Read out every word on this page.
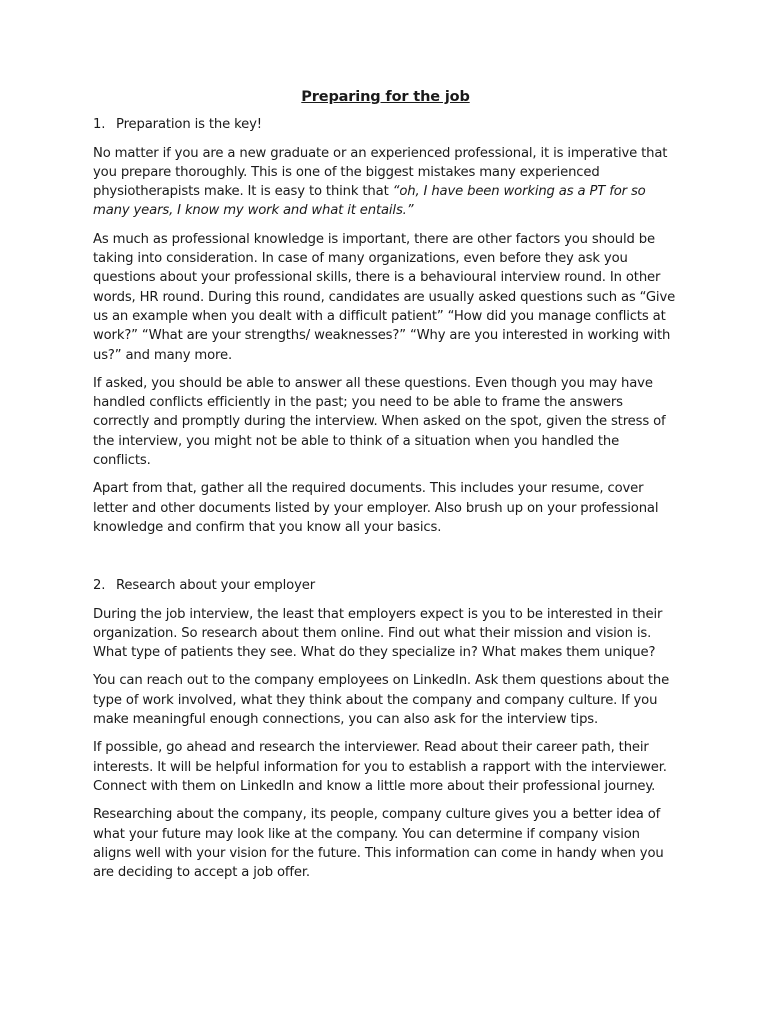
Preparing for the job
1. Preparation is the key!

No matter if you are a new graduate or an experienced professional, it is imperative that you prepare thoroughly. This is one of the biggest mistakes many experienced physiotherapists make. It is easy to think that “oh, I have been working as a PT for so many years, I know my work and what it entails.”

As much as professional knowledge is important, there are other factors you should be taking into consideration. In case of many organizations, even before they ask you questions about your professional skills, there is a behavioural interview round. In other words, HR round. During this round, candidates are usually asked questions such as “Give us an example when you dealt with a difficult patient” “How did you manage conflicts at work?” “What are your strengths/ weaknesses?” “Why are you interested in working with us?” and many more.

If asked, you should be able to answer all these questions. Even though you may have handled conflicts efficiently in the past; you need to be able to frame the answers correctly and promptly during the interview. When asked on the spot, given the stress of the interview, you might not be able to think of a situation when you handled the conflicts.

Apart from that, gather all the required documents. This includes your resume, cover letter and other documents listed by your employer. Also brush up on your professional knowledge and confirm that you know all your basics.

2. Research about your employer

During the job interview, the least that employers expect is you to be interested in their organization. So research about them online. Find out what their mission and vision is. What type of patients they see. What do they specialize in? What makes them unique?

You can reach out to the company employees on LinkedIn. Ask them questions about the type of work involved, what they think about the company and company culture. If you make meaningful enough connections, you can also ask for the interview tips.

If possible, go ahead and research the interviewer. Read about their career path, their interests. It will be helpful information for you to establish a rapport with the interviewer. Connect with them on LinkedIn and know a little more about their professional journey.

Researching about the company, its people, company culture gives you a better idea of what your future may look like at the company. You can determine if company vision aligns well with your vision for the future. This information can come in handy when you are deciding to accept a job offer.
